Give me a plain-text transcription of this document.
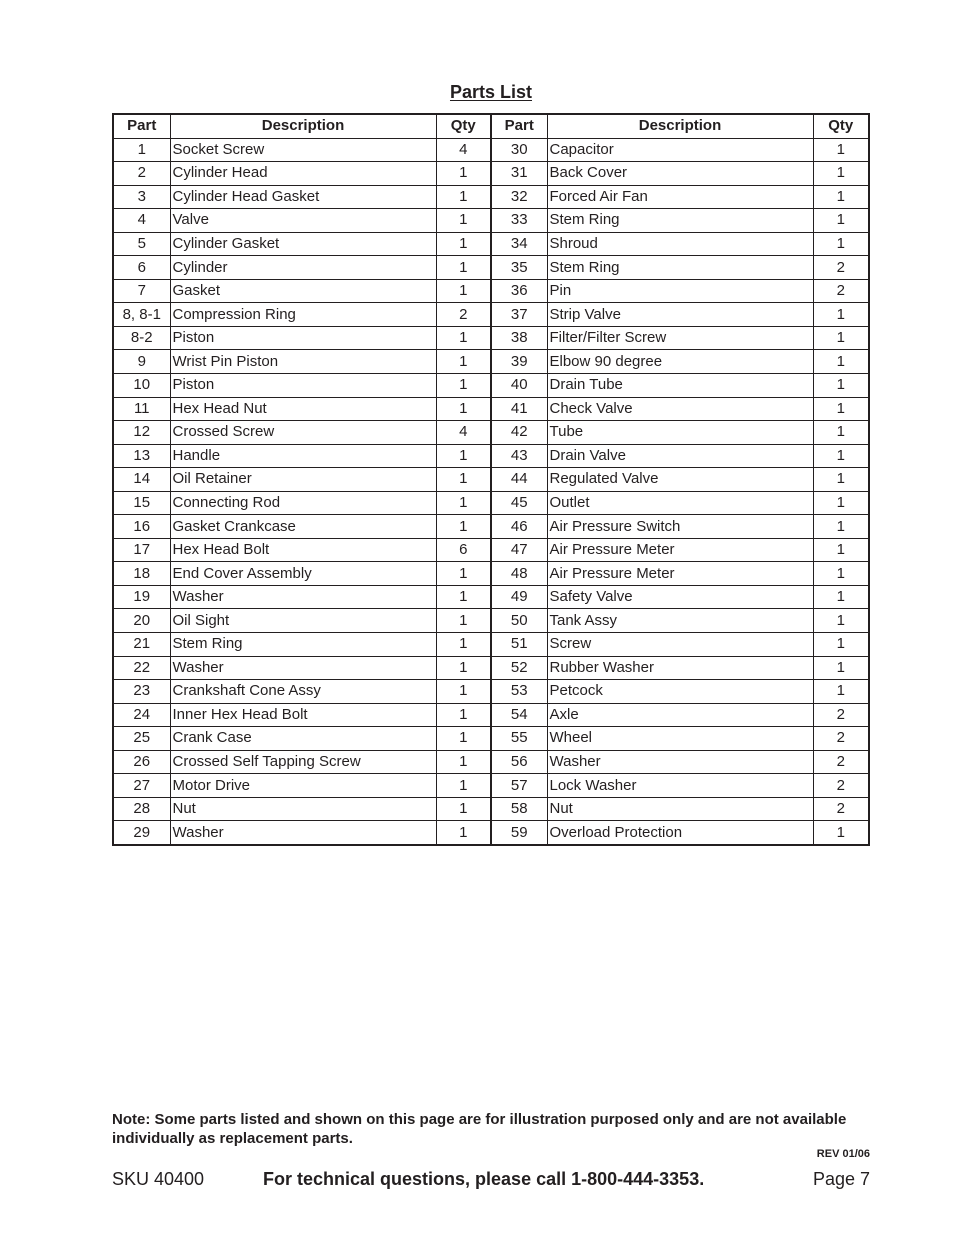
Parts List
Part	Description	Qty	Part	Description	Qty
1	Socket Screw	4	30	Capacitor	1
2	Cylinder Head	1	31	Back Cover	1
3	Cylinder Head Gasket	1	32	Forced Air Fan	1
4	Valve	1	33	Stem Ring	1
5	Cylinder Gasket	1	34	Shroud	1
6	Cylinder	1	35	Stem Ring	2
7	Gasket	1	36	Pin	2
8, 8-1	Compression Ring	2	37	Strip Valve	1
8-2	Piston	1	38	Filter/Filter Screw	1
9	Wrist Pin Piston	1	39	Elbow 90 degree	1
10	Piston	1	40	Drain Tube	1
11	Hex Head Nut	1	41	Check Valve	1
12	Crossed Screw	4	42	Tube	1
13	Handle	1	43	Drain Valve	1
14	Oil Retainer	1	44	Regulated Valve	1
15	Connecting Rod	1	45	Outlet	1
16	Gasket Crankcase	1	46	Air Pressure Switch	1
17	Hex Head Bolt	6	47	Air Pressure Meter	1
18	End Cover Assembly	1	48	Air Pressure Meter	1
19	Washer	1	49	Safety Valve	1
20	Oil Sight	1	50	Tank Assy	1
21	Stem Ring	1	51	Screw	1
22	Washer	1	52	Rubber Washer	1
23	Crankshaft Cone Assy	1	53	Petcock	1
24	Inner Hex Head Bolt	1	54	Axle	2
25	Crank Case	1	55	Wheel	2
26	Crossed Self Tapping Screw	1	56	Washer	2
27	Motor Drive	1	57	Lock Washer	2
28	Nut	1	58	Nut	2
29	Washer	1	59	Overload Protection	1
Note: Some parts listed and shown on this page are for illustration purposed only and are not available individually as replacement parts.
REV 01/06
SKU 40400	For technical questions, please call 1-800-444-3353.	Page 7
